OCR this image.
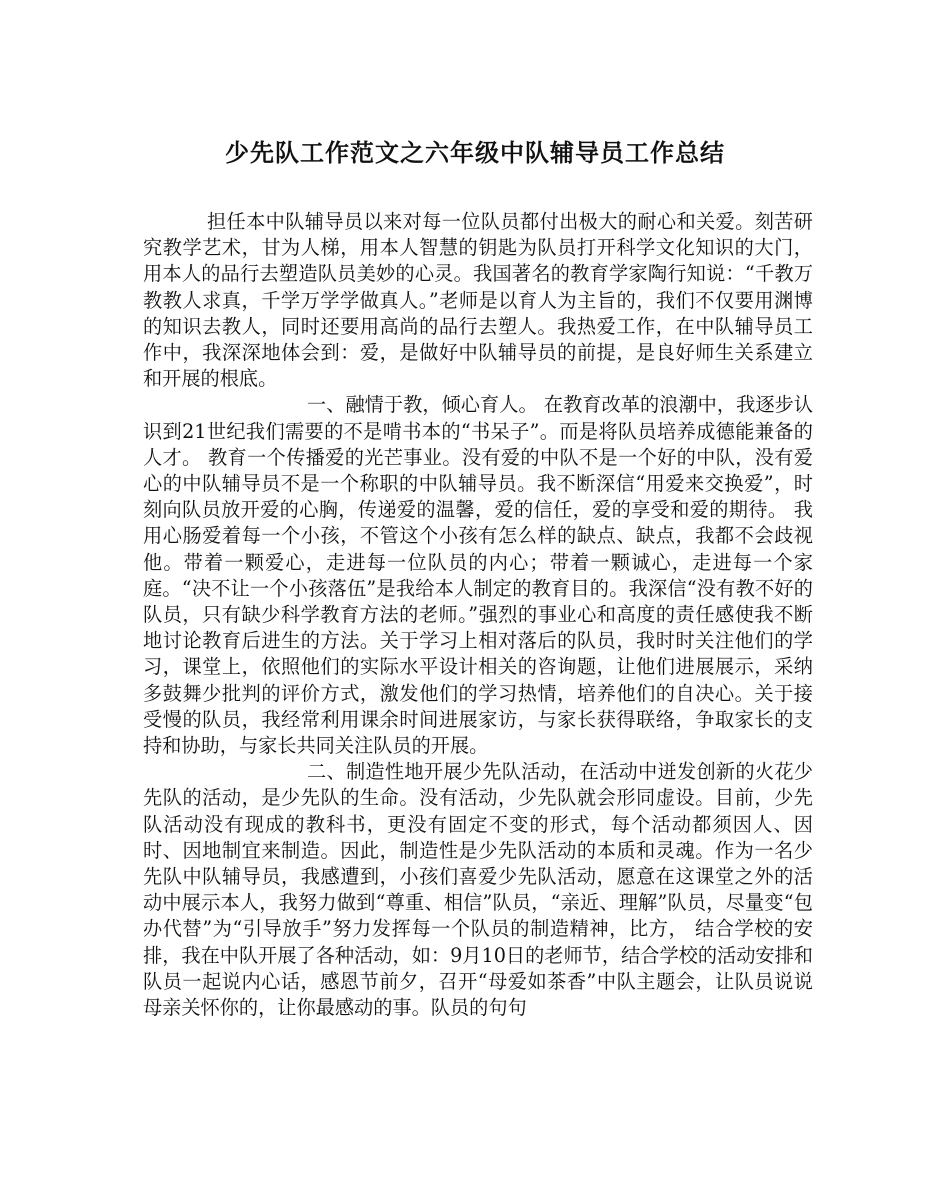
少先队工作范文之六年级中队辅导员工作总结

担任本中队辅导员以来对每一位队员都付出极大的耐心和关爱。刻苦研究教学艺术，甘为人梯，用本人智慧的钥匙为队员打开科学文化知识的大门，用本人的品行去塑造队员美妙的心灵。我国著名的教育学家陶行知说：“千教万教教人求真，千学万学学做真人。”老师是以育人为主旨的，我们不仅要用渊博的知识去教人，同时还要用高尚的品行去塑人。我热爱工作，在中队辅导员工作中，我深深地体会到：爱，是做好中队辅导员的前提，是良好师生关系建立和开展的根底。

一、融情于教，倾心育人。 在教育改革的浪潮中，我逐步认识到21世纪我们需要的不是啃书本的“书呆子”。而是将队员培养成德能兼备的人才。 教育一个传播爱的光芒事业。没有爱的中队不是一个好的中队，没有爱心的中队辅导员不是一个称职的中队辅导员。我不断深信“用爱来交换爱”，时刻向队员放开爱的心胸，传递爱的温馨，爱的信任，爱的享受和爱的期待。 我用心肠爱着每一个小孩，不管这个小孩有怎么样的缺点、缺点，我都不会歧视他。带着一颗爱心，走进每一位队员的内心；带着一颗诚心，走进每一个家庭。“决不让一个小孩落伍”是我给本人制定的教育目的。我深信“没有教不好的队员，只有缺少科学教育方法的老师。”强烈的事业心和高度的责任感使我不断地讨论教育后进生的方法。关于学习上相对落后的队员，我时时关注他们的学习，课堂上，依照他们的实际水平设计相关的咨询题，让他们进展展示，采纳多鼓舞少批判的评价方式，激发他们的学习热情，培养他们的自决心。关于接受慢的队员，我经常利用课余时间进展家访，与家长获得联络，争取家长的支持和协助，与家长共同关注队员的开展。

二、制造性地开展少先队活动，在活动中迸发创新的火花少先队的活动，是少先队的生命。没有活动，少先队就会形同虚设。目前，少先队活动没有现成的教科书，更没有固定不变的形式，每个活动都须因人、因时、因地制宜来制造。因此，制造性是少先队活动的本质和灵魂。作为一名少先队中队辅导员，我感遭到，小孩们喜爱少先队活动，愿意在这课堂之外的活动中展示本人，我努力做到“尊重、相信”队员，“亲近、理解”队员，尽量变“包办代替”为“引导放手”努力发挥每一个队员的制造精神，比方， 结合学校的安排，我在中队开展了各种活动，如：9月10日的老师节，结合学校的活动安排和队员一起说内心话，感恩节前夕，召开“母爱如茶香”中队主题会，让队员说说母亲关怀你的，让你最感动的事。队员的句句
